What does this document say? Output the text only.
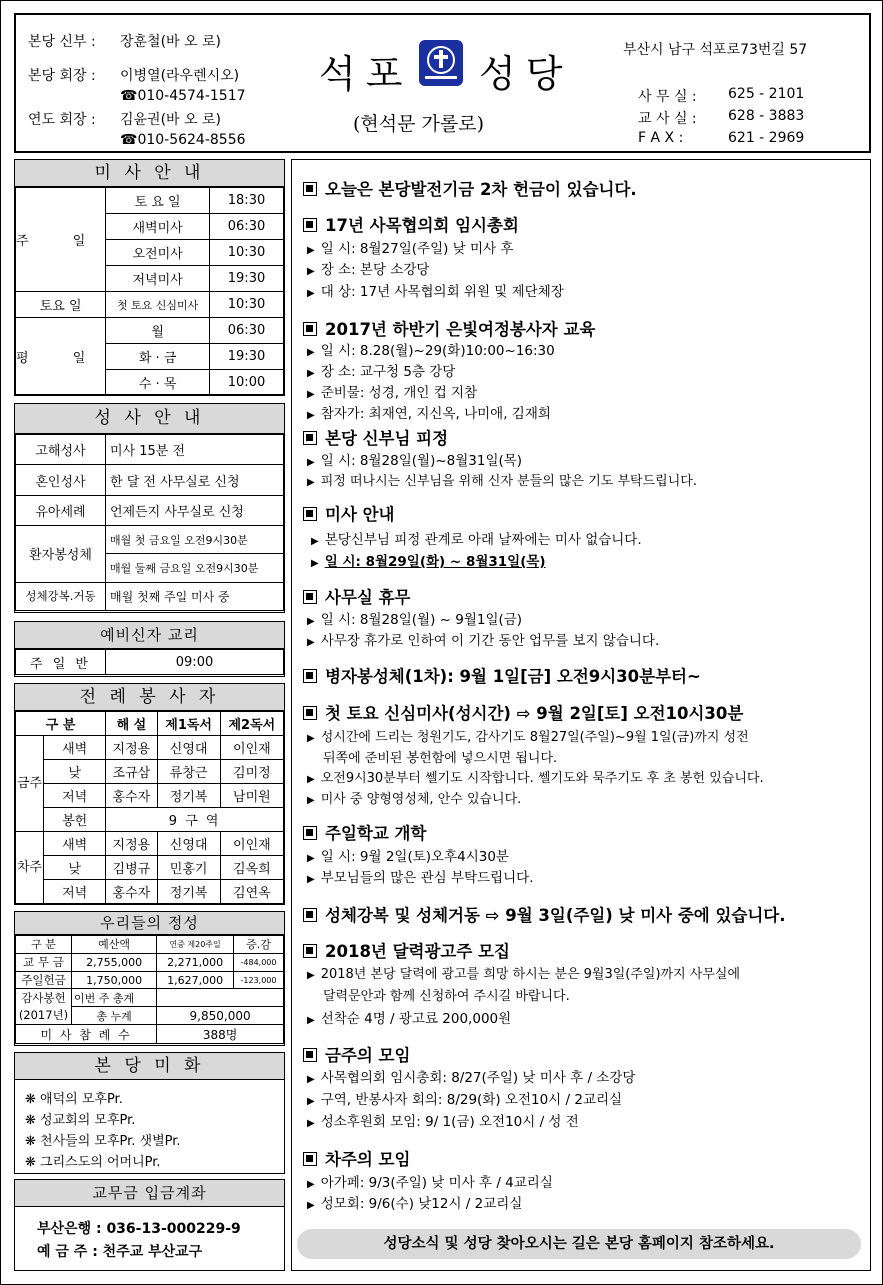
본당 신부 : 장훈철(바 오 로)
본당 회장 : 이병열(라우렌시오)
☎010-4574-1517
연도 회장 : 김윤권(바 오 로)
☎010-5624-8556
석포 성당
(현석문 가롤로)
부산시 남구 석포로73번길 57
사 무 실 : 625 - 2101
교 사 실 : 628 - 3883
F A X :	621 - 2969
미 사 안 내
주 일	토 요 일	18:30
	새벽미사	06:30
	오전미사	10:30
	저녁미사	19:30
토요 일	첫 토요 신심미사	10:30
평 일	월	06:30
	화 · 금	19:30
	수 · 목	10:00
성 사 안 내
고해성사	미사 15분 전
혼인성사	한 달 전 사무실로 신청
유아세례	언제든지 사무실로 신청
환자봉성체	매월 첫 금요일 오전9시30분
	매월 둘째 금요일 오전9시30분
성체강복.거동	매월 첫째 주일 미사 중
예비신자 교리
주 일 반	09:00
전 례 봉 사 자
구 분		해 설	제1독서	제2독서
금주	새벽	지정용	신영대	이인재
	낮	조규삼	류창근	김미정
	저녁	홍수자	정기복	남미원
	봉헌	9 구 역		
차주	새벽	지정용	신영대	이인재
	낮	김병규	민홍기	김옥희
	저녁	홍수자	정기복	김연옥
우리들의 정성
구 분	예산액	연중 제20주일	증.감
교 무 금	2,755,000	2,271,000	-484,000
주일헌금	1,750,000	1,627,000	-123,000
감사봉헌	이번 주 총계		
(2017년)	총 누계	9,850,000	
미 사 참 례 수		388명	
본 당 미 화
❋ 애덕의 모후Pr.
❋ 성교회의 모후Pr.
❋ 천사들의 모후Pr. 샛별Pr.
❋ 그리스도의 어머니Pr.
교무금 입금계좌
부산은행 : 036-13-000229-9
예 금 주 : 천주교 부산교구
오늘은 본당발전기금 2차 헌금이 있습니다.
17년 사목협의회 임시총회
▶ 일 시: 8월27일(주일) 낮 미사 후
▶ 장 소: 본당 소강당
▶ 대 상: 17년 사목협의회 위원 및 제단체장
2017년 하반기 은빛여정봉사자 교육
▶ 일 시: 8.28(월)~29(화)10:00~16:30
▶ 장 소: 교구청 5층 강당
▶ 준비물: 성경, 개인 컵 지참
▶ 참자가: 최재연, 지신옥, 나미애, 김재희
본당 신부님 피정
▶ 일 시: 8월28일(월)~8월31일(목)
▶ 피정 떠나시는 신부님을 위해 신자 분들의 많은 기도 부탁드립니다.
미사 안내
▶ 본당신부님 피정 관계로 아래 날짜에는 미사 없습니다.
▶ 일 시: 8월29일(화) ~ 8월31일(목)
사무실 휴무
▶ 일 시: 8월28일(월) ~ 9월1일(금)
▶ 사무장 휴가로 인하여 이 기간 동안 업무를 보지 않습니다.
병자봉성체(1차): 9월 1일[금] 오전9시30분부터~
첫 토요 신심미사(성시간) ⇨ 9월 2일[토] 오전10시30분
▶ 성시간에 드리는 청원기도, 감사기도 8월27일(주일)~9월 1일(금)까지 성전
뒤쪽에 준비된 봉헌함에 넣으시면 됩니다.
▶ 오전9시30분부터 쎌기도 시작합니다. 쎌기도와 묵주기도 후 초 봉헌 있습니다.
▶ 미사 중 양형영성체, 안수 있습니다.
주일학교 개학
▶ 일 시: 9월 2일(토)오후4시30분
▶ 부모님들의 많은 관심 부탁드립니다.
성체강복 및 성체거동 ⇨ 9월 3일(주일) 낮 미사 중에 있습니다.
2018년 달력광고주 모집
▶ 2018년 본당 달력에 광고를 희망 하시는 분은 9월3일(주일)까지 사무실에
달력문안과 함께 신청하여 주시길 바랍니다.
▶ 선착순 4명 / 광고료 200,000원
금주의 모임
▶ 사목협의회 임시총회: 8/27(주일) 낮 미사 후 / 소강당
▶ 구역, 반봉사자 회의: 8/29(화) 오전10시 / 2교리실
▶ 성소후원회 모임: 9/ 1(금) 오전10시 / 성 전
차주의 모임
▶ 아가페: 9/3(주일) 낮 미사 후 / 4교리실
▶ 성모회: 9/6(수) 낮12시 / 2교리실
성당소식 및 성당 찾아오시는 길은 본당 홈페이지 참조하세요.
